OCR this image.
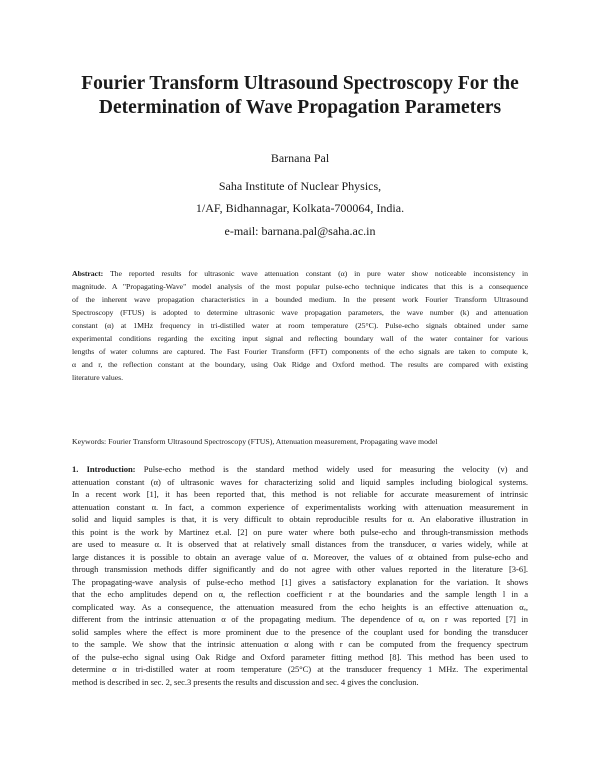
Fourier Transform Ultrasound Spectroscopy For the
Determination of Wave Propagation Parameters
Barnana Pal
Saha Institute of Nuclear Physics,
1/AF, Bidhannagar, Kolkata-700064, India.
e-mail: barnana.pal@saha.ac.in
Abstract: The reported results for ultrasonic wave attenuation constant (α) in pure water show noticeable inconsistency in
magnitude. A "Propagating-Wave" model analysis of the most popular pulse-echo technique indicates that this is a consequence
of the inherent wave propagation characteristics in a bounded medium. In the present work Fourier Transform Ultrasound
Spectroscopy (FTUS) is adopted to determine ultrasonic wave propagation parameters, the wave number (k) and attenuation
constant (α) at 1MHz frequency in tri-distilled water at room temperature (25°C). Pulse-echo signals obtained under same
experimental conditions regarding the exciting input signal and reflecting boundary wall of the water container for various
lengths of water columns are captured. The Fast Fourier Transform (FFT) components of the echo signals are taken to compute k,
α and r, the reflection constant at the boundary, using Oak Ridge and Oxford method. The results are compared with existing
literature values.
Keywords: Fourier Transform Ultrasound Spectroscopy (FTUS), Attenuation measurement, Propagating wave model
1. Introduction: Pulse-echo method is the standard method widely used for measuring the velocity (v) and
attenuation constant (α) of ultrasonic waves for characterizing solid and liquid samples including biological systems.
In a recent work [1], it has been reported that, this method is not reliable for accurate measurement of intrinsic
attenuation constant α. In fact, a common experience of experimentalists working with attenuation measurement in
solid and liquid samples is that, it is very difficult to obtain reproducible results for α. An elaborative illustration in
this point is the work by Martinez et.al. [2] on pure water where both pulse-echo and through-transmission methods
are used to measure α. It is observed that at relatively small distances from the transducer, α varies widely, while at
large distances it is possible to obtain an average value of α. Moreover, the values of α obtained from pulse-echo and
through transmission methods differ significantly and do not agree with other values reported in the literature [3-6].
The propagating-wave analysis of pulse-echo method [1] gives a satisfactory explanation for the variation. It shows
that the echo amplitudes depend on α, the reflection coefficient r at the boundaries and the sample length l in a
complicated way. As a consequence, the attenuation measured from the echo heights is an effective attenuation αₑ,
different from the intrinsic attenuation α of the propagating medium. The dependence of αₑ on r was reported [7] in
solid samples where the effect is more prominent due to the presence of the couplant used for bonding the transducer
to the sample. We show that the intrinsic attenuation α along with r can be computed from the frequency spectrum
of the pulse-echo signal using Oak Ridge and Oxford parameter fitting method [8]. This method has been used to
determine α in tri-distilled water at room temperature (25°C) at the transducer frequency 1 MHz. The experimental
method is described in sec. 2, sec.3 presents the results and discussion and sec. 4 gives the conclusion.
